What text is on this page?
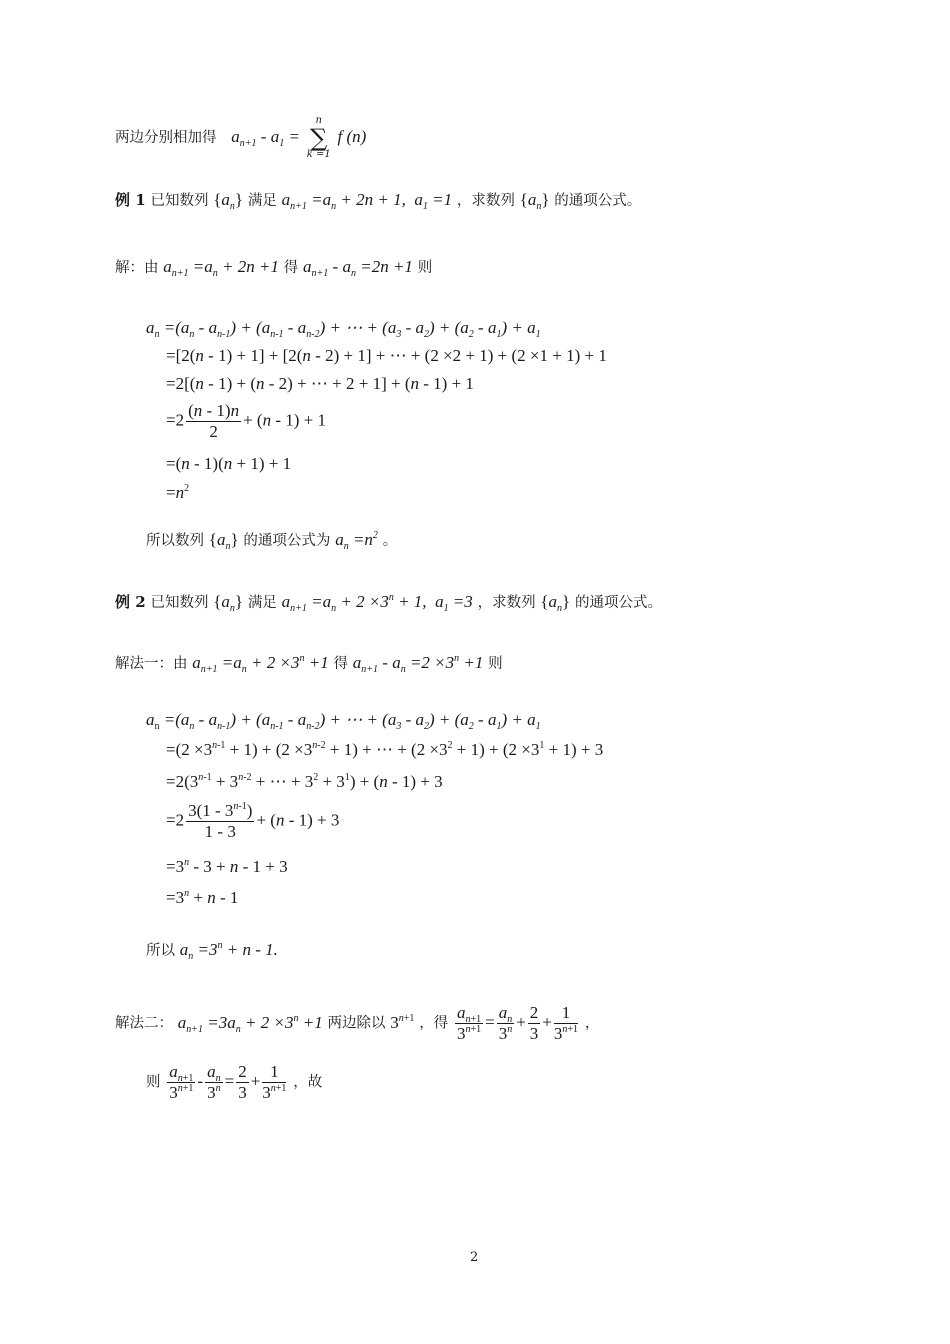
两边分别相加得 $a_{n+1} - a_1$ =
n
∑
k =1
f (n)
例 1 已知数列 $\{a_n\}$ 满足 $a_{n+1} =a_n + 2n + 1$,  $a_1 =1$ ，求数列 $\{a_n\}$ 的通项公式。
解：由 $a_{n+1} =a_n + 2n +1$ 得 $a_{n+1} - a_n =2n +1$ 则
$a_n =(a_n - a_{n-1}) + (a_{n-1} - a_{n-2})$ + ⋯ + $(a_3 - a_2) + (a_2 - a_1) + a_1$
=[2(n - 1) + 1] + [2(n - 2) + 1] + ⋯ + (2 ×2 + 1) + (2 ×1 + 1) + 1
=2[(n - 1) + (n - 2) + ⋯ + 2 + 1] + (n - 1) + 1
$=2 \frac{(n - 1)n}{2} + (n - 1) + 1$
=(n - 1)(n + 1) + 1
$=n^2$
所以数列 $\{a_n\}$ 的通项公式为 $a_n =n^2$ 。
例 2 已知数列 $\{a_n\}$ 满足 $a_{n+1} =a_n + 2 \times 3^n + 1$,  $a_1 =3$ ，求数列 $\{a_n\}$ 的通项公式。
解法一：由 $a_{n+1} =a_n + 2 \times 3^n +1$ 得 $a_{n+1} - a_n =2 \times 3^n +1$ 则
$a_n =(a_n - a_{n-1}) + (a_{n-1} - a_{n-2})$ + ⋯ + $(a_3 - a_2) + (a_2 - a_1) + a_1$
$=(2 \times 3^{n-1} + 1) + (2 \times 3^{n-2} + 1)$ + ⋯ + $(2 \times 3^2 + 1) + (2 \times 3^1 + 1) + 3$
$=2(3^{n-1} + 3^{n-2}$ + ⋯ + $3^2 + 3^1) + (n - 1) + 3$
$=2 \frac{3(1 - 3^{n-1})}{1 - 3} + (n - 1) + 3$
$=3^n - 3 + n - 1 + 3$
$=3^n + n - 1$
所以 $a_n =3^n + n - 1$.
解法二： $a_{n+1} =3a_n + 2 \times 3^n +1$ 两边除以 $3^{n+1}$ ，得 $\frac{a_{n+1}}{3^{n+1}} = \frac{a_n}{3^n} + \frac{2}{3} + \frac{1}{3^{n+1}}$ ，
则 $\frac{a_{n+1}}{3^{n+1}} - \frac{a_n}{3^n} = \frac{2}{3} + \frac{1}{3^{n+1}}$ ，故
2
